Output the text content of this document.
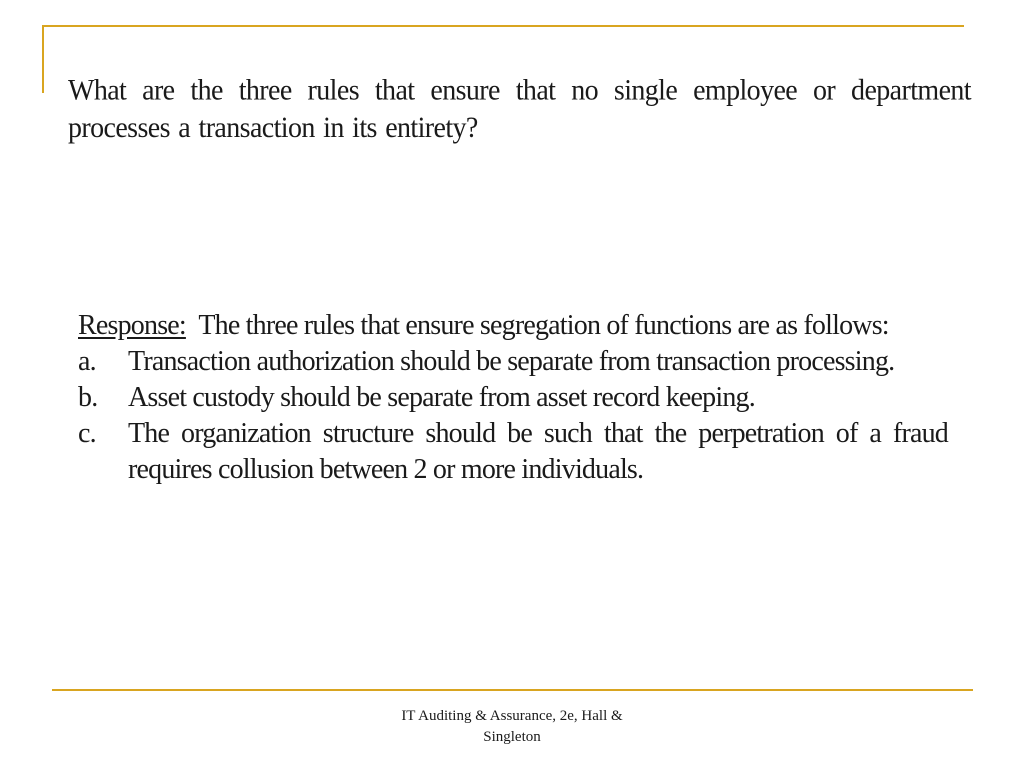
What are the three rules that ensure that no single employee or department processes a transaction in its entirety?

Response: The three rules that ensure segregation of functions are as follows:

a.	Transaction authorization should be separate from transaction processing.
b.	Asset custody should be separate from asset record keeping.
c.	The organization structure should be such that the perpetration of a fraud requires collusion between 2 or more individuals.

IT Auditing & Assurance, 2e, Hall &
Singleton
